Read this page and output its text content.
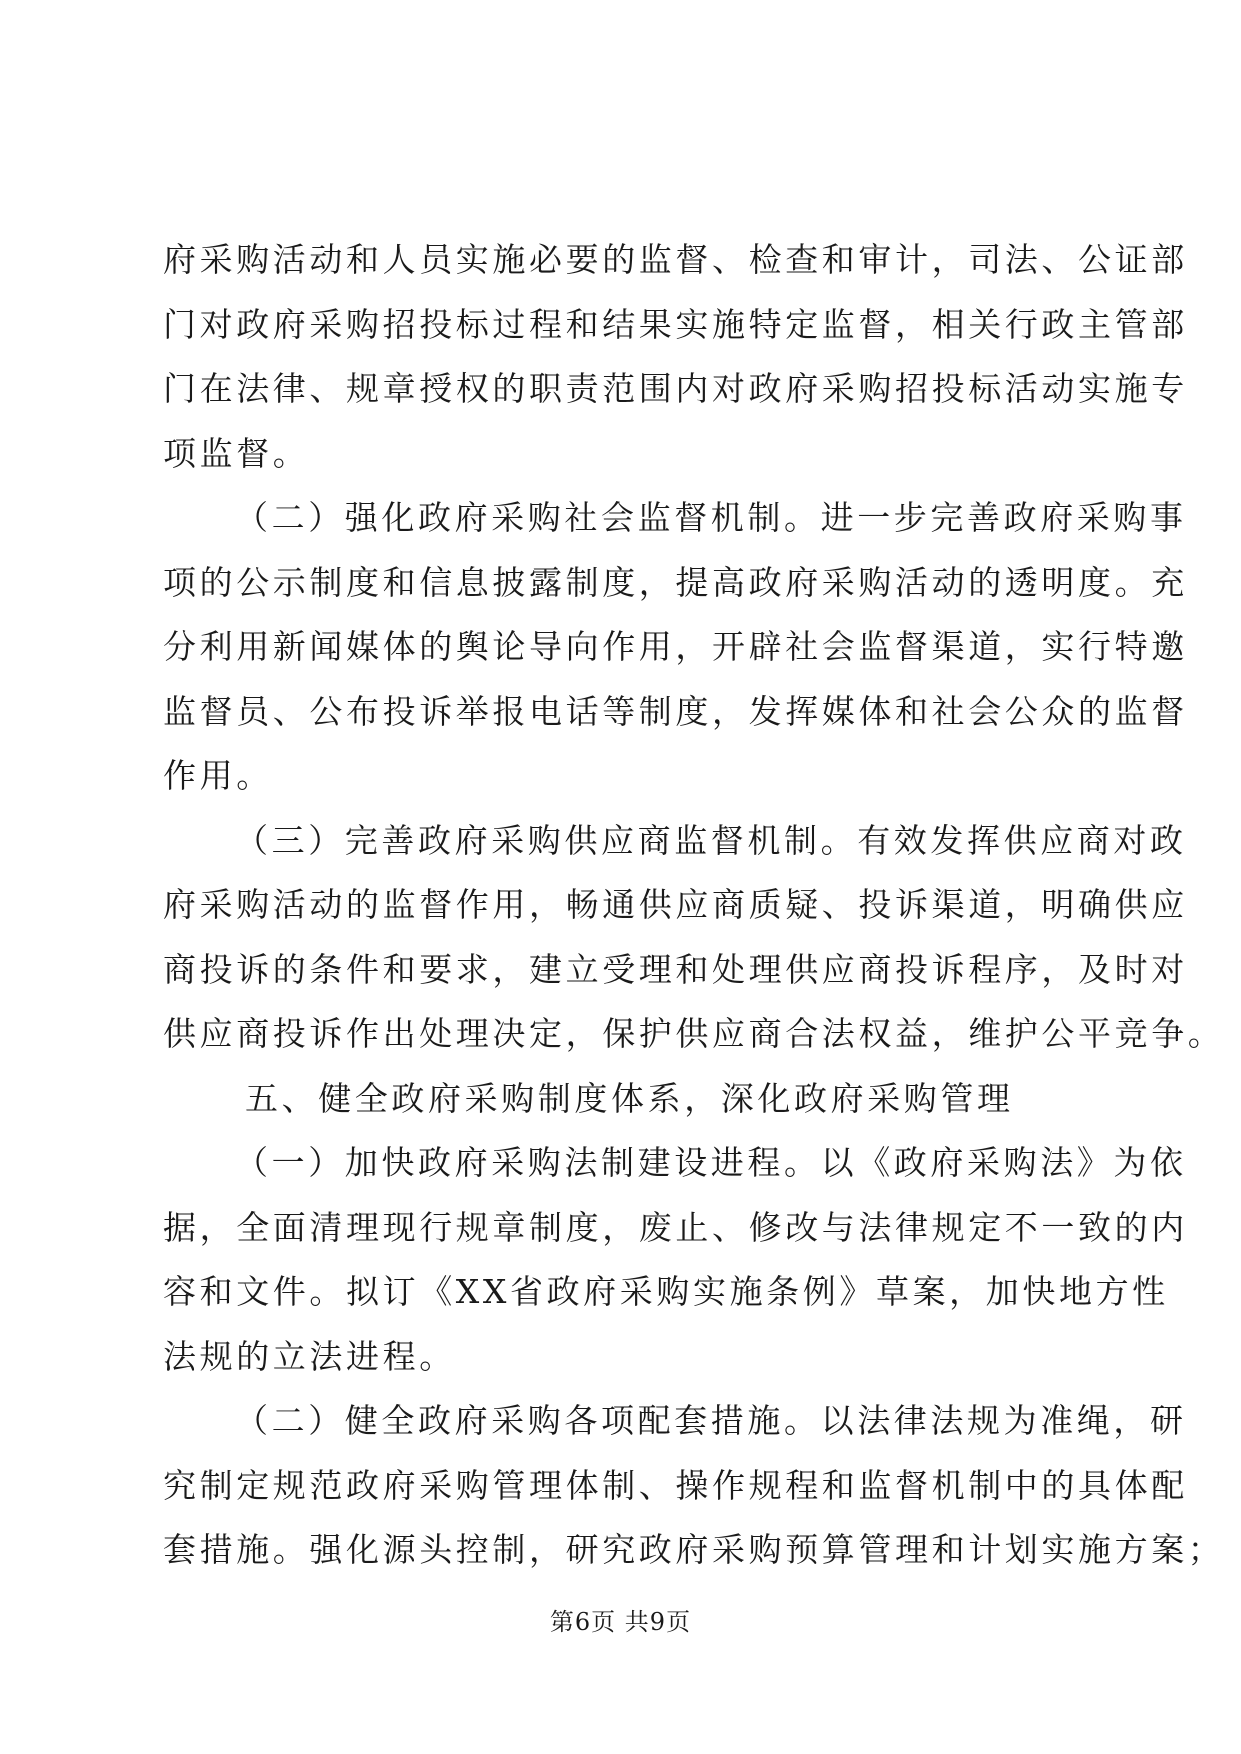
府采购活动和人员实施必要的监督、检查和审计，司法、公证部
门对政府采购招投标过程和结果实施特定监督，相关行政主管部
门在法律、规章授权的职责范围内对政府采购招投标活动实施专
项监督。
（二）强化政府采购社会监督机制。进一步完善政府采购事
项的公示制度和信息披露制度，提高政府采购活动的透明度。充
分利用新闻媒体的舆论导向作用，开辟社会监督渠道，实行特邀
监督员、公布投诉举报电话等制度，发挥媒体和社会公众的监督
作用。
（三）完善政府采购供应商监督机制。有效发挥供应商对政
府采购活动的监督作用，畅通供应商质疑、投诉渠道，明确供应
商投诉的条件和要求，建立受理和处理供应商投诉程序，及时对
供应商投诉作出处理决定，保护供应商合法权益，维护公平竞争。
五、健全政府采购制度体系，深化政府采购管理
（一）加快政府采购法制建设进程。以《政府采购法》为依
据，全面清理现行规章制度，废止、修改与法律规定不一致的内
容和文件。拟订《XX省政府采购实施条例》草案，加快地方性
法规的立法进程。
（二）健全政府采购各项配套措施。以法律法规为准绳，研
究制定规范政府采购管理体制、操作规程和监督机制中的具体配
套措施。强化源头控制，研究政府采购预算管理和计划实施方案；
第6页 共9页
